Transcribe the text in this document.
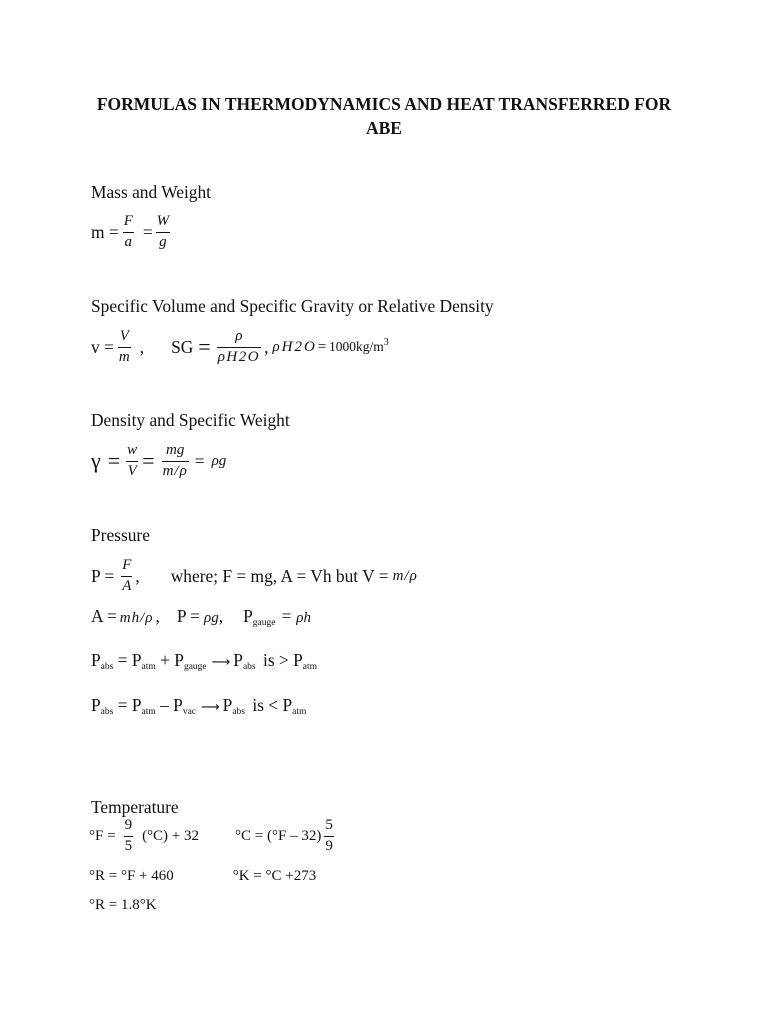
FORMULAS IN THERMODYNAMICS AND HEAT TRANSFERRED FOR ABE
Mass and Weight
$m = \frac{F}{a} = \frac{W}{g}$
Specific Volume and Specific Gravity or Relative Density
$v = \frac{V}{m}$ , SG = $\frac{\rho}{\rho H2O}$ , $\rho H2O=1000kg/m^3$
Density and Specific Weight
$\gamma = \frac{w}{V} = \frac{mg}{m/\rho} = \rho g$
Pressure
$P = \frac{F}{A}$ , where; F = mg, A = Vh but V = m/ρ
A = mh/ρ , P = ρg , P gauge = ρh
P abs = P atm + P gauge ⟶ P abs is > P atm
P abs = P atm – P vac ⟶ P abs is < P atm
Temperature
$^\circ F = \frac{9}{5} (^\circ C) + 32$ $^\circ C = (^\circ F - 32) \frac{5}{9}$
°R = °F + 460	°K = °C +273
°R = 1.8°K
